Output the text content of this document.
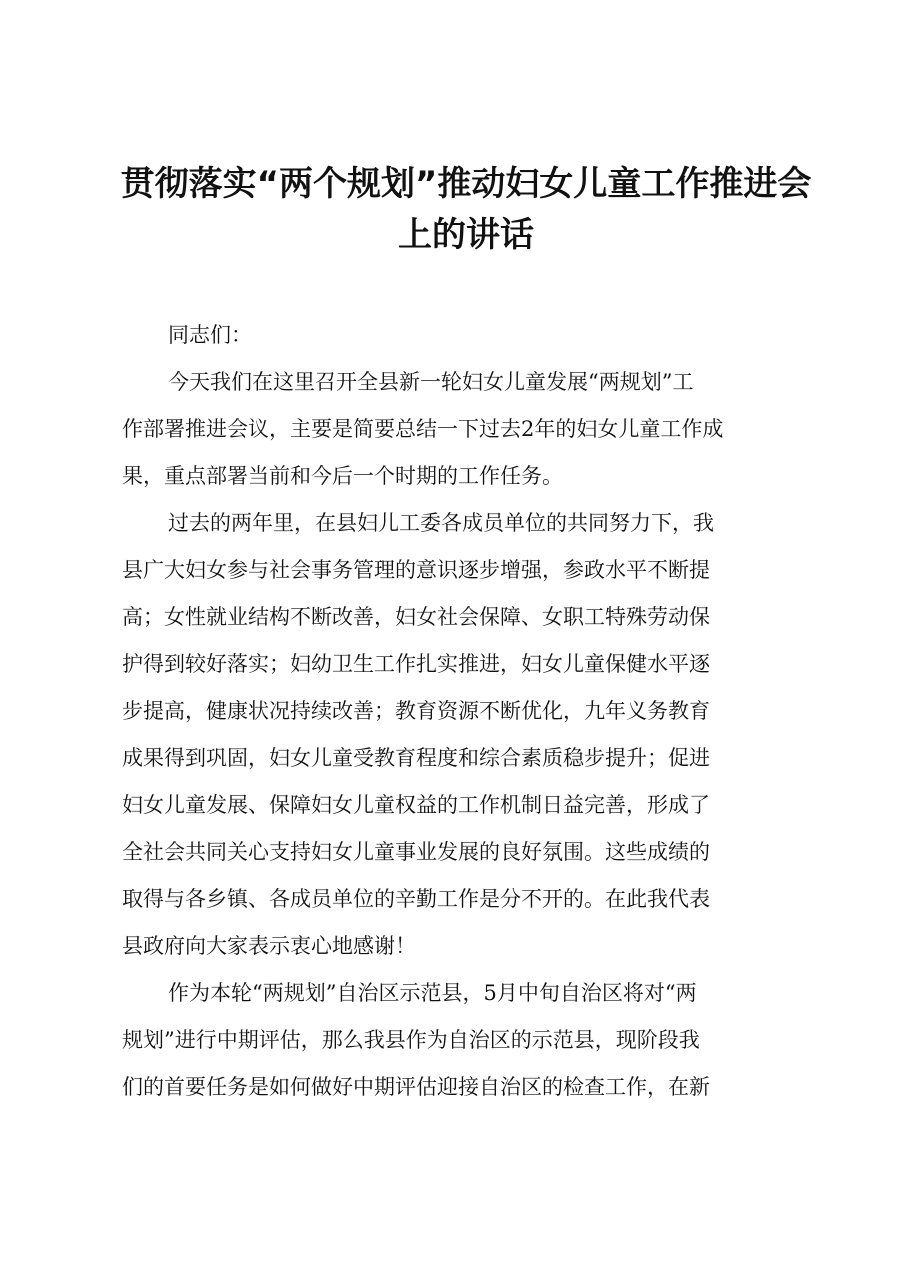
贯彻落实“两个规划”推动妇女儿童工作推进会
上的讲话
同志们：
今天我们在这里召开全县新一轮妇女儿童发展“两规划”工
作部署推进会议，主要是简要总结一下过去2年的妇女儿童工作成
果，重点部署当前和今后一个时期的工作任务。
过去的两年里，在县妇儿工委各成员单位的共同努力下，我
县广大妇女参与社会事务管理的意识逐步增强，参政水平不断提
高；女性就业结构不断改善，妇女社会保障、女职工特殊劳动保
护得到较好落实；妇幼卫生工作扎实推进，妇女儿童保健水平逐
步提高，健康状况持续改善；教育资源不断优化，九年义务教育
成果得到巩固，妇女儿童受教育程度和综合素质稳步提升；促进
妇女儿童发展、保障妇女儿童权益的工作机制日益完善，形成了
全社会共同关心支持妇女儿童事业发展的良好氛围。这些成绩的
取得与各乡镇、各成员单位的辛勤工作是分不开的。在此我代表
县政府向大家表示衷心地感谢！
作为本轮“两规划”自治区示范县，5月中旬自治区将对“两
规划”进行中期评估，那么我县作为自治区的示范县，现阶段我
们的首要任务是如何做好中期评估迎接自治区的检查工作，在新
